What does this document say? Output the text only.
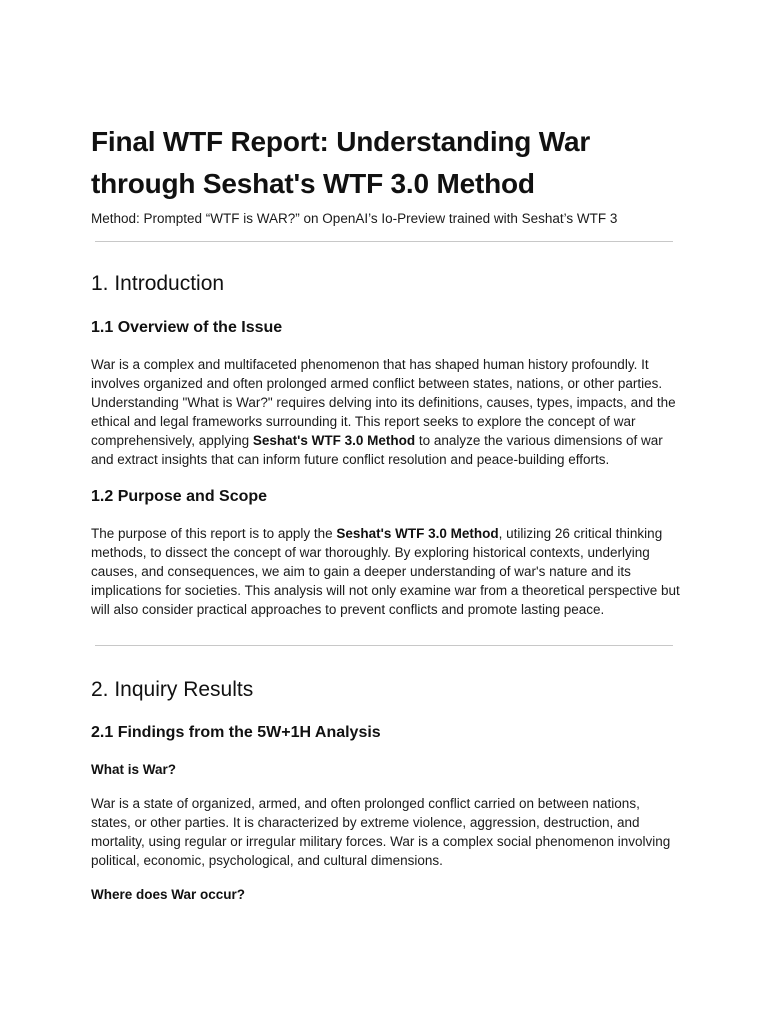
Final WTF Report: Understanding War through Seshat's WTF 3.0 Method

Method: Prompted “WTF is WAR?” on OpenAI’s Io-Preview trained with Seshat’s WTF 3

1. Introduction
1.1 Overview of the Issue

War is a complex and multifaceted phenomenon that has shaped human history profoundly. It involves organized and often prolonged armed conflict between states, nations, or other parties. Understanding "What is War?" requires delving into its definitions, causes, types, impacts, and the ethical and legal frameworks surrounding it. This report seeks to explore the concept of war comprehensively, applying Seshat's WTF 3.0 Method to analyze the various dimensions of war and extract insights that can inform future conflict resolution and peace-building efforts.

1.2 Purpose and Scope

The purpose of this report is to apply the Seshat's WTF 3.0 Method, utilizing 26 critical thinking methods, to dissect the concept of war thoroughly. By exploring historical contexts, underlying causes, and consequences, we aim to gain a deeper understanding of war's nature and its implications for societies. This analysis will not only examine war from a theoretical perspective but will also consider practical approaches to prevent conflicts and promote lasting peace.

2. Inquiry Results
2.1 Findings from the 5W+1H Analysis
What is War?

War is a state of organized, armed, and often prolonged conflict carried on between nations, states, or other parties. It is characterized by extreme violence, aggression, destruction, and mortality, using regular or irregular military forces. War is a complex social phenomenon involving political, economic, psychological, and cultural dimensions.

Where does War occur?
